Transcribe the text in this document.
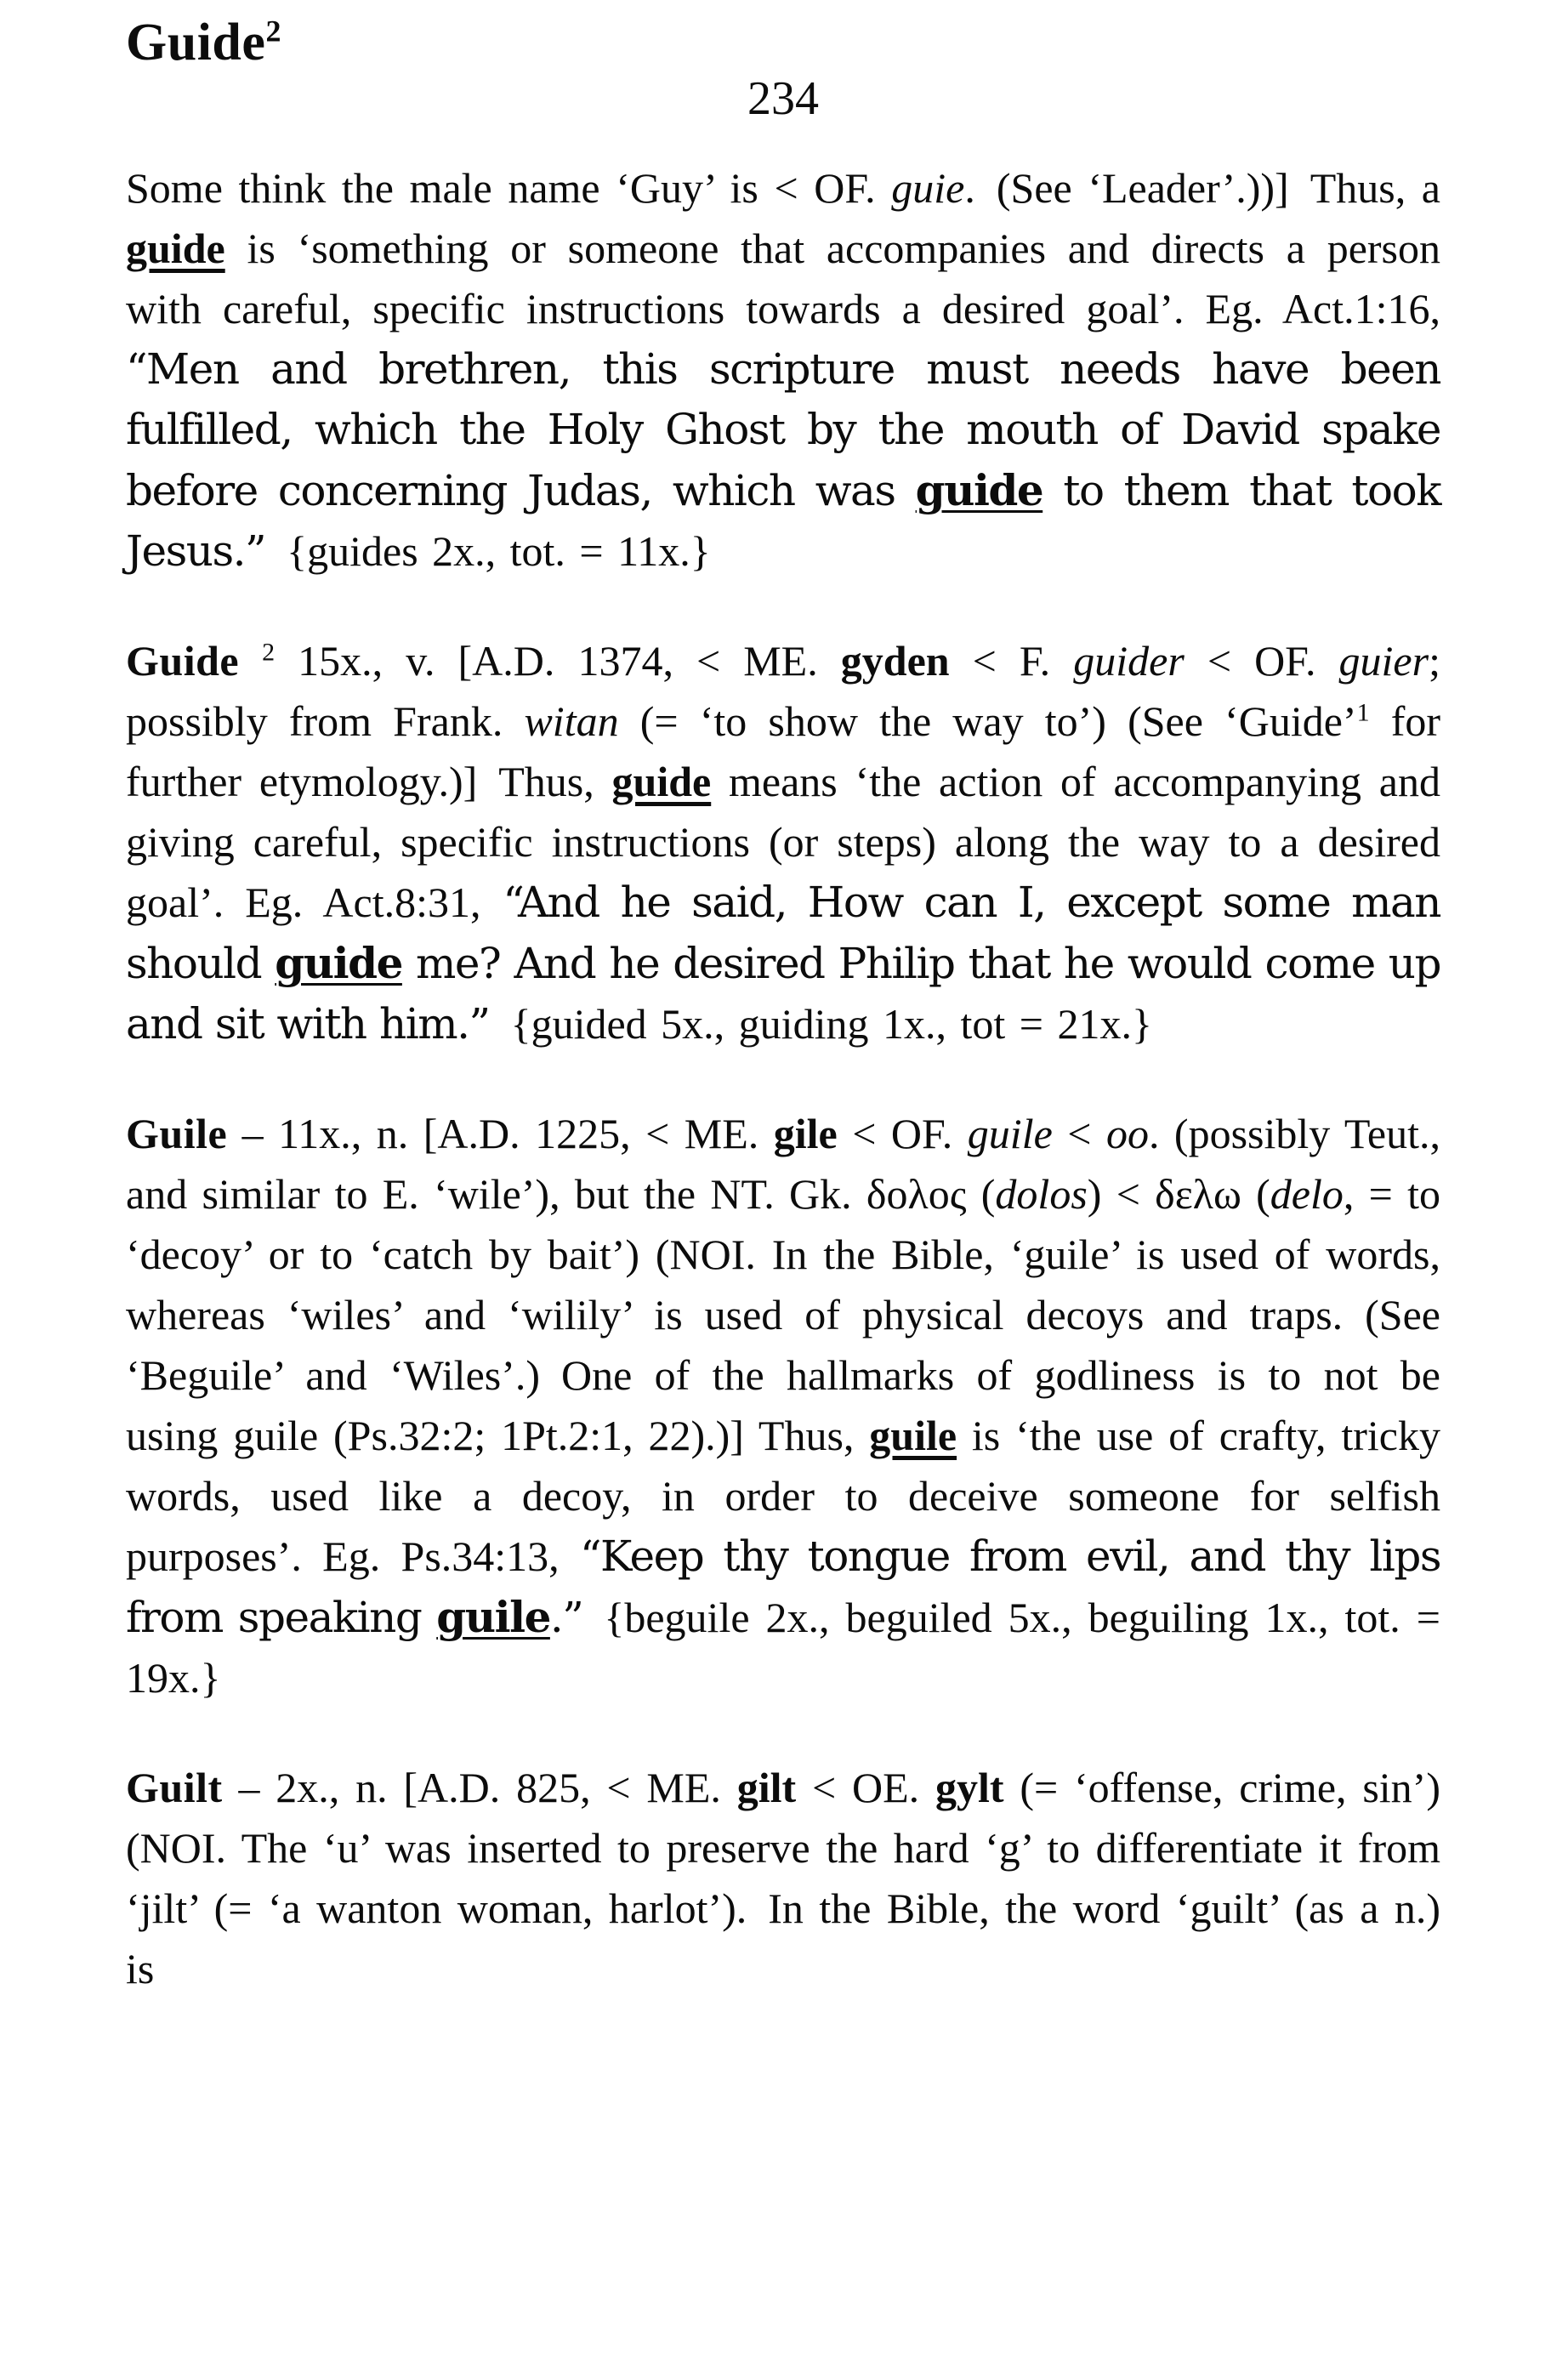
Guide$^2$
234

Some think the male name ‘Guy’ is < OF. guie. (See ‘Leader’.))] Thus, a guide is ‘something or someone that accompanies and directs a person with careful, specific instructions towards a desired goal’. Eg. Act.1:16, “Men and brethren, this scripture must needs have been fulfilled, which the Holy Ghost by the mouth of David spake before concerning Judas, which was guide to them that took Jesus.” {guides 2x., tot. = 11x.}

Guide $^2$ 15x., v. [A.D. 1374, < ME. gyden < F. guider < OF. guier; possibly from Frank. witan (= ‘to show the way to’) (See ‘Guide’$^1$ for further etymology.)] Thus, guide means ‘the action of accompanying and giving careful, specific instructions (or steps) along the way to a desired goal’. Eg. Act.8:31, “And he said, How can I, except some man should guide me? And he desired Philip that he would come up and sit with him.” {guided 5x., guiding 1x., tot = 21x.}

Guile – 11x., n. [A.D. 1225, < ME. gile < OF. guile < oo. (possibly Teut., and similar to E. ‘wile’), but the NT. Gk. δολος (dolos) < δελω (delo, = to ‘decoy’ or to ‘catch by bait’) (NOI. In the Bible, ‘guile’ is used of words, whereas ‘wiles’ and ‘wilily’ is used of physical decoys and traps. (See ‘Beguile’ and ‘Wiles’.) One of the hallmarks of godliness is to not be using guile (Ps.32:2; 1Pt.2:1, 22).)] Thus, guile is ‘the use of crafty, tricky words, used like a decoy, in order to deceive someone for selfish purposes’. Eg. Ps.34:13, “Keep thy tongue from evil, and thy lips from speaking guile.” {beguile 2x., beguiled 5x., beguiling 1x., tot. = 19x.}

Guilt – 2x., n. [A.D. 825, < ME. gilt < OE. gylt (= ‘offense, crime, sin’) (NOI. The ‘u’ was inserted to preserve the hard ‘g’ to differentiate it from ‘jilt’ (= ‘a wanton woman, harlot’). In the Bible, the word ‘guilt’ (as a n.) is
